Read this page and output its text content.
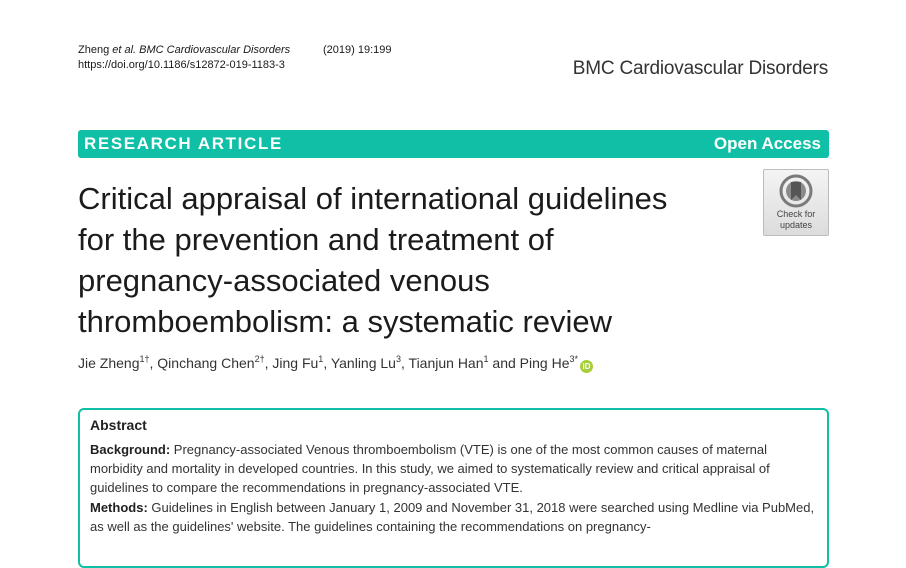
Zheng et al. BMC Cardiovascular Disorders	(2019) 19:199
https://doi.org/10.1186/s12872-019-1183-3	BMC Cardiovascular Disorders
RESEARCH ARTICLE	Open Access
Critical appraisal of international guidelines
for the prevention and treatment of
pregnancy-associated venous
thromboembolism: a systematic review
Check for
updates
Jie Zheng$^{1\dagger}$, Qinchang Chen$^{2\dagger}$, Jing Fu$^1$, Yanling Lu$^3$, Tianjun Han$^1$ and Ping $He^{3*}iD$
Abstract

Background: Pregnancy-associated Venous thromboembolism (VTE) is one of the most common causes of maternal morbidity and mortality in developed countries. In this study, we aimed to systematically review and critical appraisal of guidelines to compare the recommendations in pregnancy-associated VTE.

Methods: Guidelines in English between January 1, 2009 and November 31, 2018 were searched using Medline via PubMed, as well as the guidelines' website. The guidelines containing the recommendations on pregnancy-
